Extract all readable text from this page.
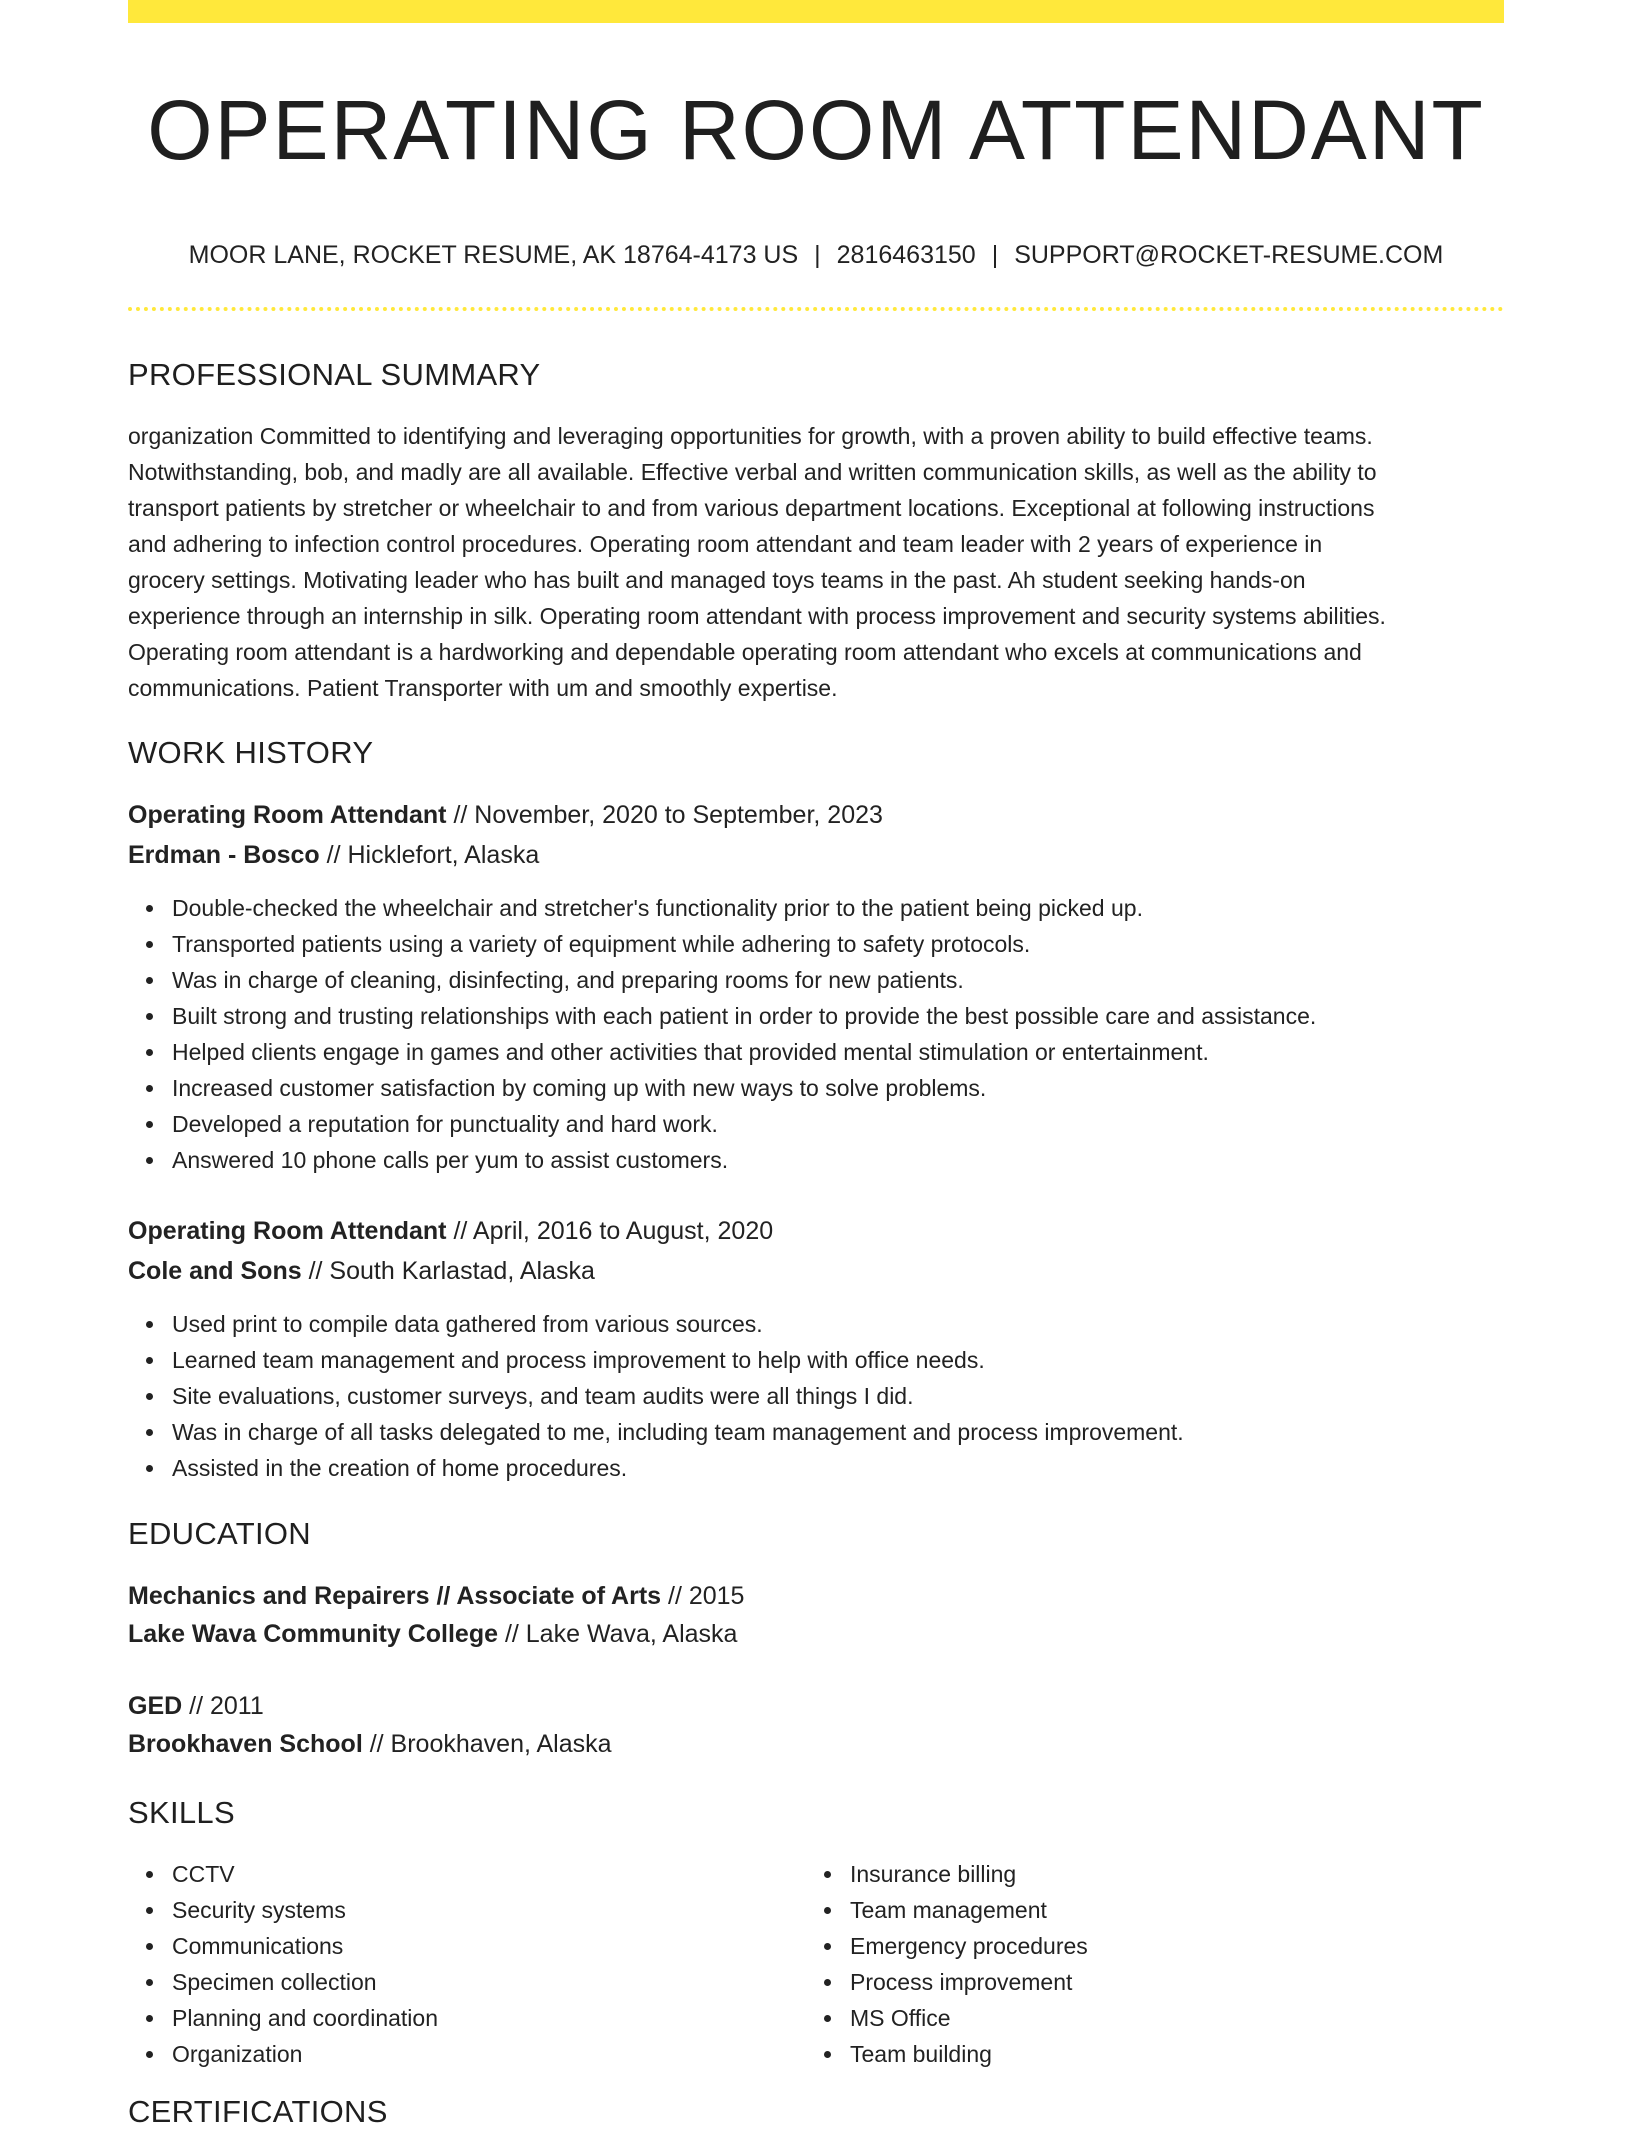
OPERATING ROOM ATTENDANT
MOOR LANE, ROCKET RESUME, AK 18764-4173 US | 2816463150 | SUPPORT@ROCKET-RESUME.COM
PROFESSIONAL SUMMARY
organization Committed to identifying and leveraging opportunities for growth, with a proven ability to build effective teams.
Notwithstanding, bob, and madly are all available. Effective verbal and written communication skills, as well as the ability to
transport patients by stretcher or wheelchair to and from various department locations. Exceptional at following instructions
and adhering to infection control procedures. Operating room attendant and team leader with 2 years of experience in
grocery settings. Motivating leader who has built and managed toys teams in the past. Ah student seeking hands-on
experience through an internship in silk. Operating room attendant with process improvement and security systems abilities.
Operating room attendant is a hardworking and dependable operating room attendant who excels at communications and
communications. Patient Transporter with um and smoothly expertise.
WORK HISTORY
Operating Room Attendant // November, 2020 to September, 2023
Erdman - Bosco // Hicklefort, Alaska
Double-checked the wheelchair and stretcher's functionality prior to the patient being picked up.
Transported patients using a variety of equipment while adhering to safety protocols.
Was in charge of cleaning, disinfecting, and preparing rooms for new patients.
Built strong and trusting relationships with each patient in order to provide the best possible care and assistance.
Helped clients engage in games and other activities that provided mental stimulation or entertainment.
Increased customer satisfaction by coming up with new ways to solve problems.
Developed a reputation for punctuality and hard work.
Answered 10 phone calls per yum to assist customers.
Operating Room Attendant // April, 2016 to August, 2020
Cole and Sons // South Karlastad, Alaska
Used print to compile data gathered from various sources.
Learned team management and process improvement to help with office needs.
Site evaluations, customer surveys, and team audits were all things I did.
Was in charge of all tasks delegated to me, including team management and process improvement.
Assisted in the creation of home procedures.
EDUCATION
Mechanics and Repairers // Associate of Arts // 2015
Lake Wava Community College // Lake Wava, Alaska
GED // 2011
Brookhaven School // Brookhaven, Alaska
SKILLS
CCTV
Security systems
Communications
Specimen collection
Planning and coordination
Organization
Insurance billing
Team management
Emergency procedures
Process improvement
MS Office
Team building
CERTIFICATIONS
